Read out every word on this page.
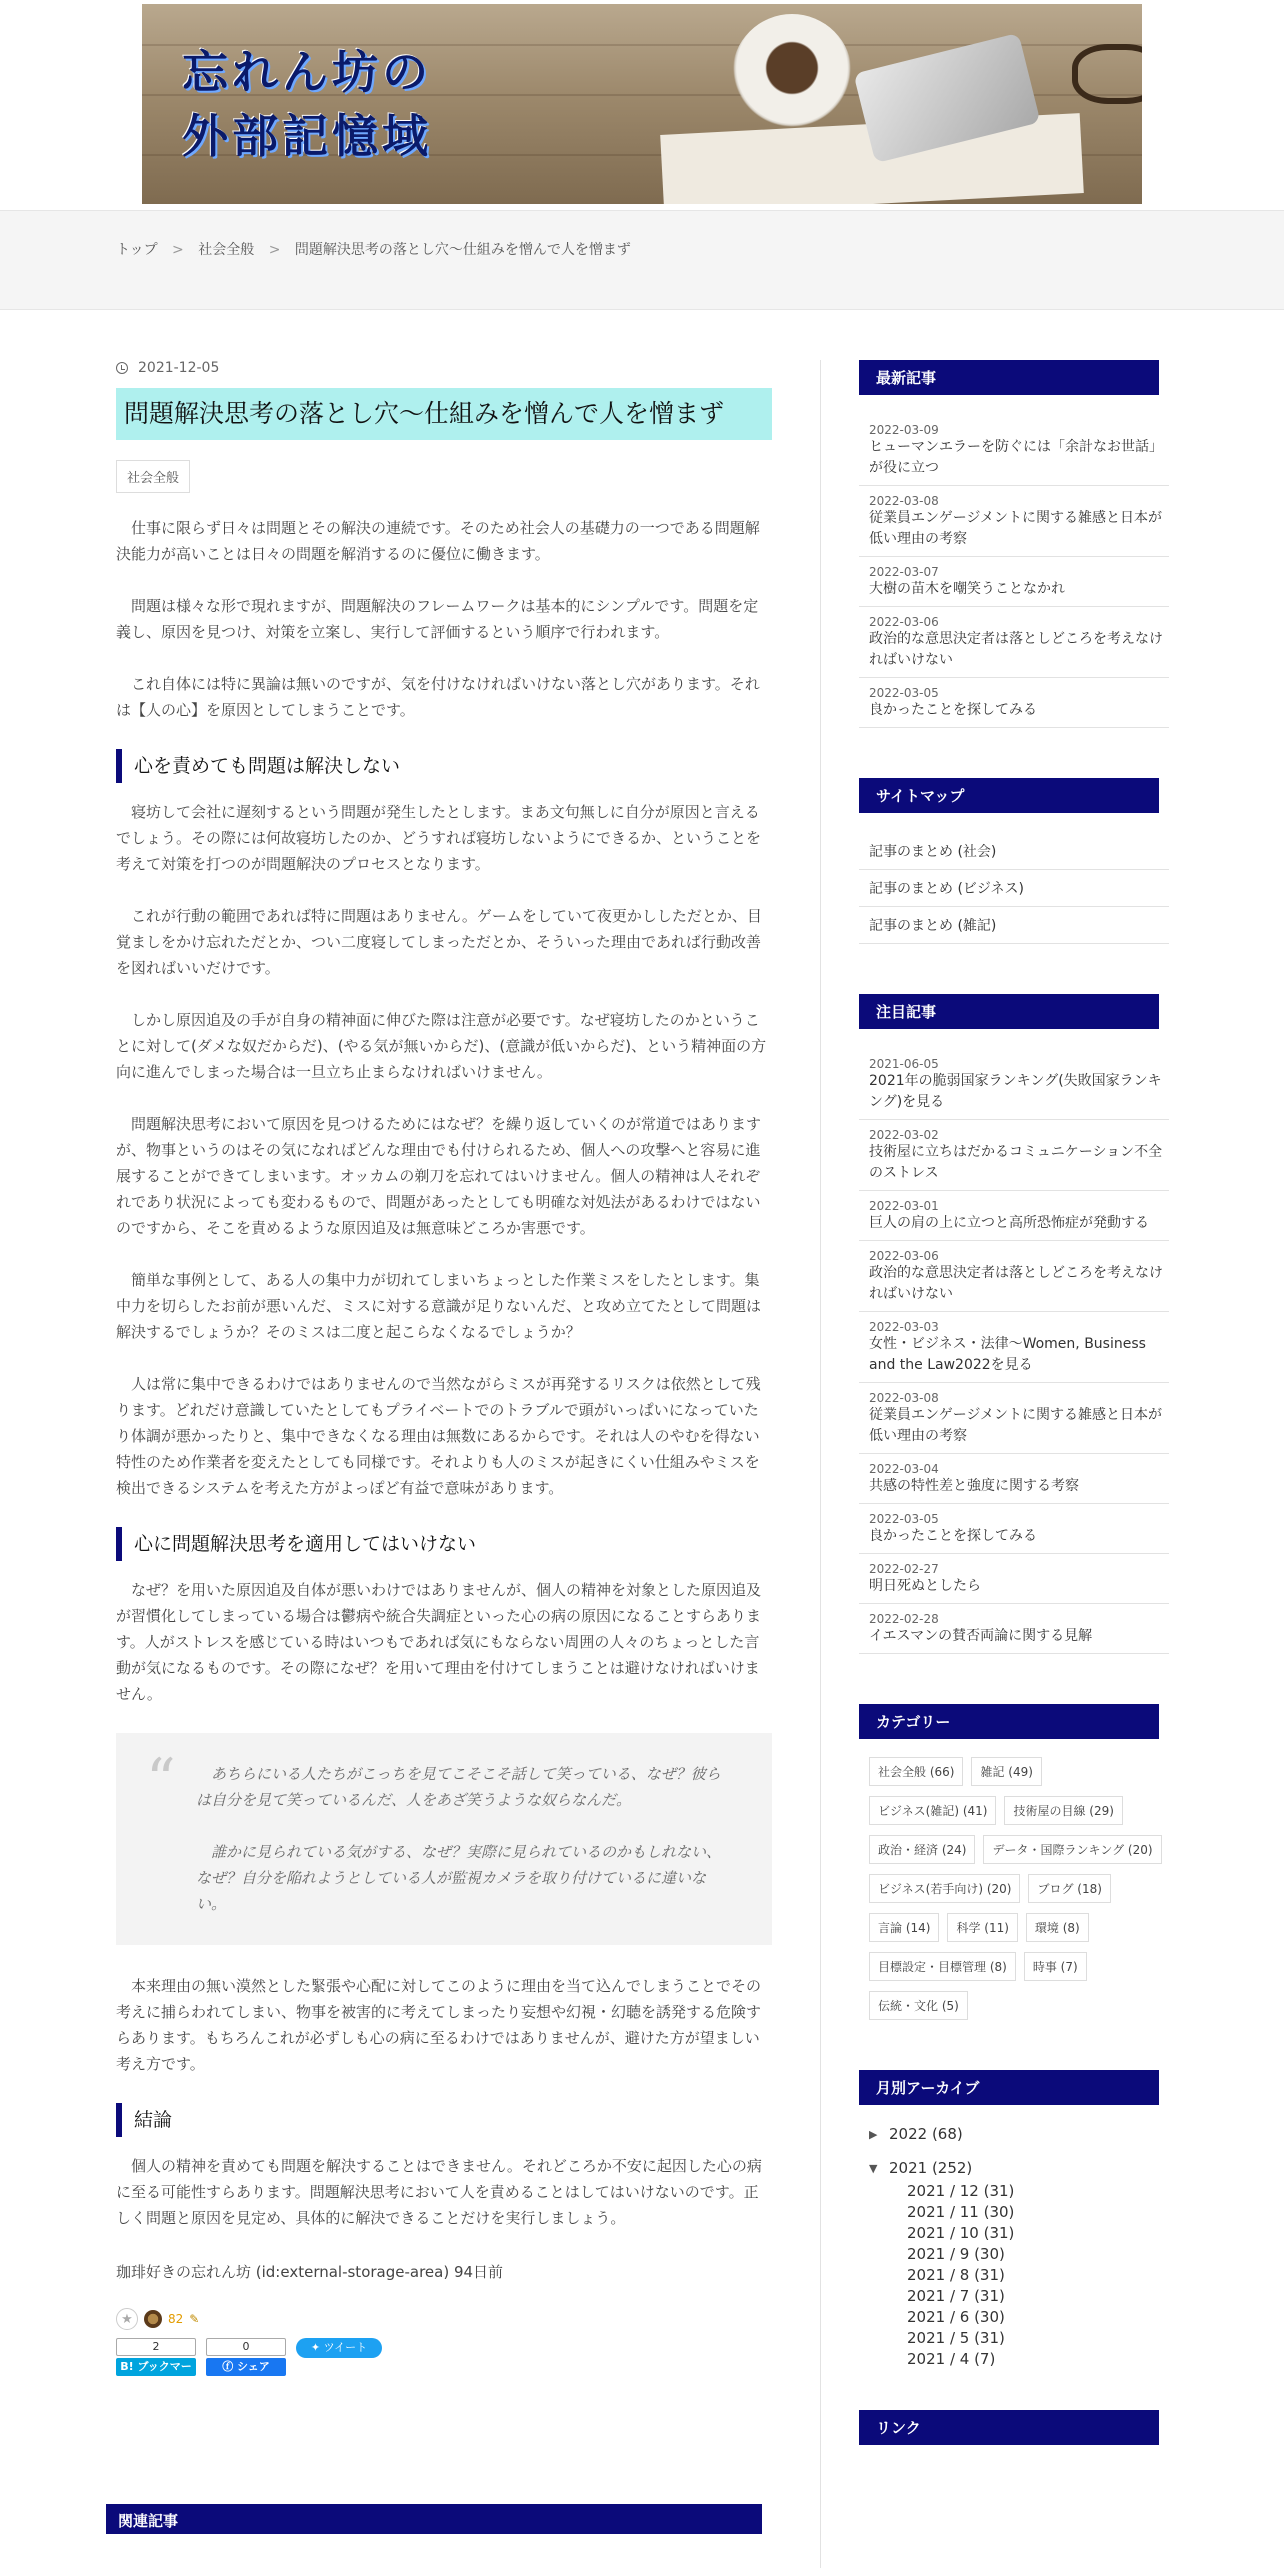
忘れん坊の
外部記憶域
トップ > 社会全般 > 問題解決思考の落とし穴～仕組みを憎んで人を憎まず
2021-12-05
問題解決思考の落とし穴～仕組みを憎んで人を憎まず
社会全般

仕事に限らず日々は問題とその解決の連続です。そのため社会人の基礎力の一つである問題解決能力が高いことは日々の問題を解消するのに優位に働きます。

問題は様々な形で現れますが、問題解決のフレームワークは基本的にシンプルです。問題を定義し、原因を見つけ、対策を立案し、実行して評価するという順序で行われます。

これ自体には特に異論は無いのですが、気を付けなければいけない落とし穴があります。それは【人の心】を原因としてしまうことです。

心を責めても問題は解決しない

寝坊して会社に遅刻するという問題が発生したとします。まあ文句無しに自分が原因と言えるでしょう。その際には何故寝坊したのか、どうすれば寝坊しないようにできるか、ということを考えて対策を打つのが問題解決のプロセスとなります。

これが行動の範囲であれば特に問題はありません。ゲームをしていて夜更かししただとか、目覚ましをかけ忘れただとか、つい二度寝してしまっただとか、そういった理由であれば行動改善を図ればいいだけです。

しかし原因追及の手が自身の精神面に伸びた際は注意が必要です。なぜ寝坊したのかということに対して(ダメな奴だからだ)、(やる気が無いからだ)、(意識が低いからだ)、という精神面の方向に進んでしまった場合は一旦立ち止まらなければいけません。

問題解決思考において原因を見つけるためにはなぜ？を繰り返していくのが常道ではありますが、物事というのはその気になればどんな理由でも付けられるため、個人への攻撃へと容易に進展することができてしまいます。オッカムの剃刀を忘れてはいけません。個人の精神は人それぞれであり状況によっても変わるもので、問題があったとしても明確な対処法があるわけではないのですから、そこを責めるような原因追及は無意味どころか害悪です。

簡単な事例として、ある人の集中力が切れてしまいちょっとした作業ミスをしたとします。集中力を切らしたお前が悪いんだ、ミスに対する意識が足りないんだ、と攻め立てたとして問題は解決するでしょうか？そのミスは二度と起こらなくなるでしょうか？

人は常に集中できるわけではありませんので当然ながらミスが再発するリスクは依然として残ります。どれだけ意識していたとしてもプライベートでのトラブルで頭がいっぱいになっていたり体調が悪かったりと、集中できなくなる理由は無数にあるからです。それは人のやむを得ない特性のため作業者を変えたとしても同様です。それよりも人のミスが起きにくい仕組みやミスを検出できるシステムを考えた方がよっぽど有益で意味があります。

心に問題解決思考を適用してはいけない

なぜ？を用いた原因追及自体が悪いわけではありませんが、個人の精神を対象とした原因追及が習慣化してしまっている場合は鬱病や統合失調症といった心の病の原因になることすらあります。人がストレスを感じている時はいつもであれば気にもならない周囲の人々のちょっとした言動が気になるものです。その際になぜ？を用いて理由を付けてしまうことは避けなければいけません。

“	あちらにいる人たちがこっちを見てこそこそ話して笑っている、なぜ？彼らは自分を見て笑っているんだ、人をあざ笑うような奴らなんだ。

誰かに見られている気がする、なぜ？実際に見られているのかもしれない、なぜ？自分を陥れようとしている人が監視カメラを取り付けているに違いない。

本来理由の無い漠然とした緊張や心配に対してこのように理由を当て込んでしまうことでその考えに捕らわれてしまい、物事を被害的に考えてしまったり妄想や幻視・幻聴を誘発する危険すらあります。もちろんこれが必ずしも心の病に至るわけではありませんが、避けた方が望ましい考え方です。

結論

個人の精神を責めても問題を解決することはできません。それどころか不安に起因した心の病に至る可能性すらあります。問題解決思考において人を責めることはしてはいけないのです。正しく問題と原因を見定め、具体的に解決できることだけを実行しましょう。

珈琲好きの忘れん坊 (id:external-storage-area) 94日前
★	82 ✎
2
B! ブックマーク
0
ⓕ シェア
✦ ツイート
関連記事
最新記事
2022-03-09
ヒューマンエラーを防ぐには「余計なお世話」が役に立つ
2022-03-08
従業員エンゲージメントに関する雑感と日本が低い理由の考察
2022-03-07
大樹の苗木を嘲笑うことなかれ
2022-03-06
政治的な意思決定者は落としどころを考えなければいけない
2022-03-05
良かったことを探してみる
サイトマップ
記事のまとめ (社会)
記事のまとめ (ビジネス)
記事のまとめ (雑記)
注目記事
2021-06-05
2021年の脆弱国家ランキング(失敗国家ランキング)を見る
2022-03-02
技術屋に立ちはだかるコミュニケーション不全のストレス
2022-03-01
巨人の肩の上に立つと高所恐怖症が発動する
2022-03-06
政治的な意思決定者は落としどころを考えなければいけない
2022-03-03
女性・ビジネス・法律～Women, Business and the Law2022を見る
2022-03-08
従業員エンゲージメントに関する雑感と日本が低い理由の考察
2022-03-04
共感の特性差と強度に関する考察
2022-03-05
良かったことを探してみる
2022-02-27
明日死ぬとしたら
2022-02-28
イエスマンの賛否両論に関する見解
カテゴリー
社会全般 (66)	雑記 (49)
ビジネス(雑記) (41)	技術屋の目線 (29)
政治・経済 (24)	データ・国際ランキング (20)
ビジネス(若手向け) (20)	ブログ (18)
言論 (14)	科学 (11)	環境 (8)
目標設定・目標管理 (8)	時事 (7)
伝統・文化 (5)
月別アーカイブ
▶ 2022 (68)
▼ 2021 (252)
2021 / 12 (31)
2021 / 11 (30)
2021 / 10 (31)
2021 / 9 (30)
2021 / 8 (31)
2021 / 7 (31)
2021 / 6 (30)
2021 / 5 (31)
2021 / 4 (7)
リンク
